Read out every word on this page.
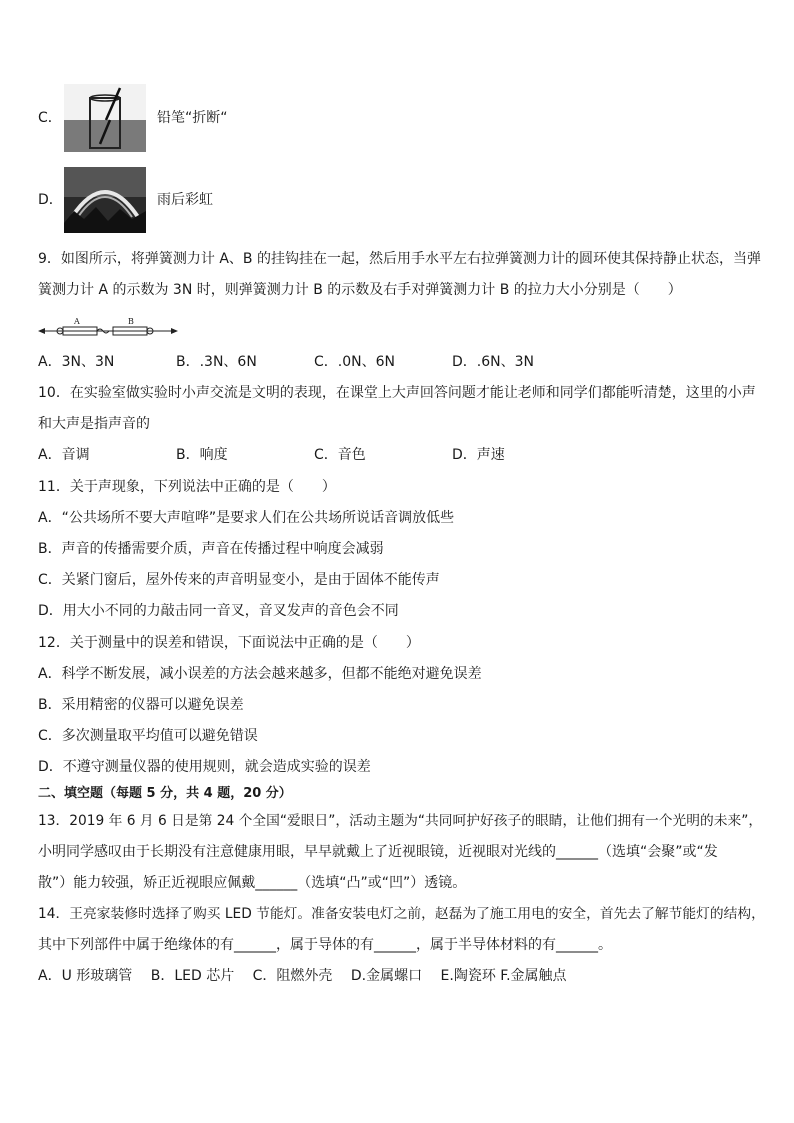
C．	铅笔“折断“
D．	雨后彩虹
9．如图所示，将弹簧测力计 A、B 的挂钩挂在一起，然后用手水平左右拉弹簧测力计的圆环使其保持静止状态，当弹
簧测力计 A 的示数为 3N 时，则弹簧测力计 B 的示数及右手对弹簧测力计 B 的拉力大小分别是（　　）
A	B
A．3N、3N	B．.3N、6N	C．.0N、6N	D．.6N、3N
10．在实验室做实验时小声交流是文明的表现，在课堂上大声回答问题才能让老师和同学们都能听清楚，这里的小声
和大声是指声音的
A．音调	B．响度	C．音色	D．声速
11．关于声现象，下列说法中正确的是（　　）
A．“公共场所不要大声喧哗”是要求人们在公共场所说话音调放低些
B．声音的传播需要介质，声音在传播过程中响度会减弱
C．关紧门窗后，屋外传来的声音明显变小，是由于固体不能传声
D．用大小不同的力敲击同一音叉，音叉发声的音色会不同
12．关于测量中的误差和错误，下面说法中正确的是（　　）
A．科学不断发展，减小误差的方法会越来越多，但都不能绝对避免误差
B．采用精密的仪器可以避免误差
C．多次测量取平均值可以避免错误
D．不遵守测量仪器的使用规则，就会造成实验的误差
二、填空题（每题 5 分，共 4 题，20 分）
13．2019 年 6 月 6 日是第 24 个全国“爱眼日”，活动主题为“共同呵护好孩子的眼睛，让他们拥有一个光明的未来”，
小明同学感叹由于长期没有注意健康用眼，早早就戴上了近视眼镜，近视眼对光线的______（选填“会聚”或“发
散”）能力较强，矫正近视眼应佩戴______（选填“凸”或“凹”）透镜。
14．王亮家装修时选择了购买 LED 节能灯。准备安装电灯之前，赵磊为了施工用电的安全，首先去了解节能灯的结构，
其中下列部件中属于绝缘体的有______，属于导体的有______，属于半导体材料的有______。
A．U 形玻璃管　 B．LED 芯片　 C．阻燃外壳　 D.金属螺口　 E.陶瓷环 F.金属触点
